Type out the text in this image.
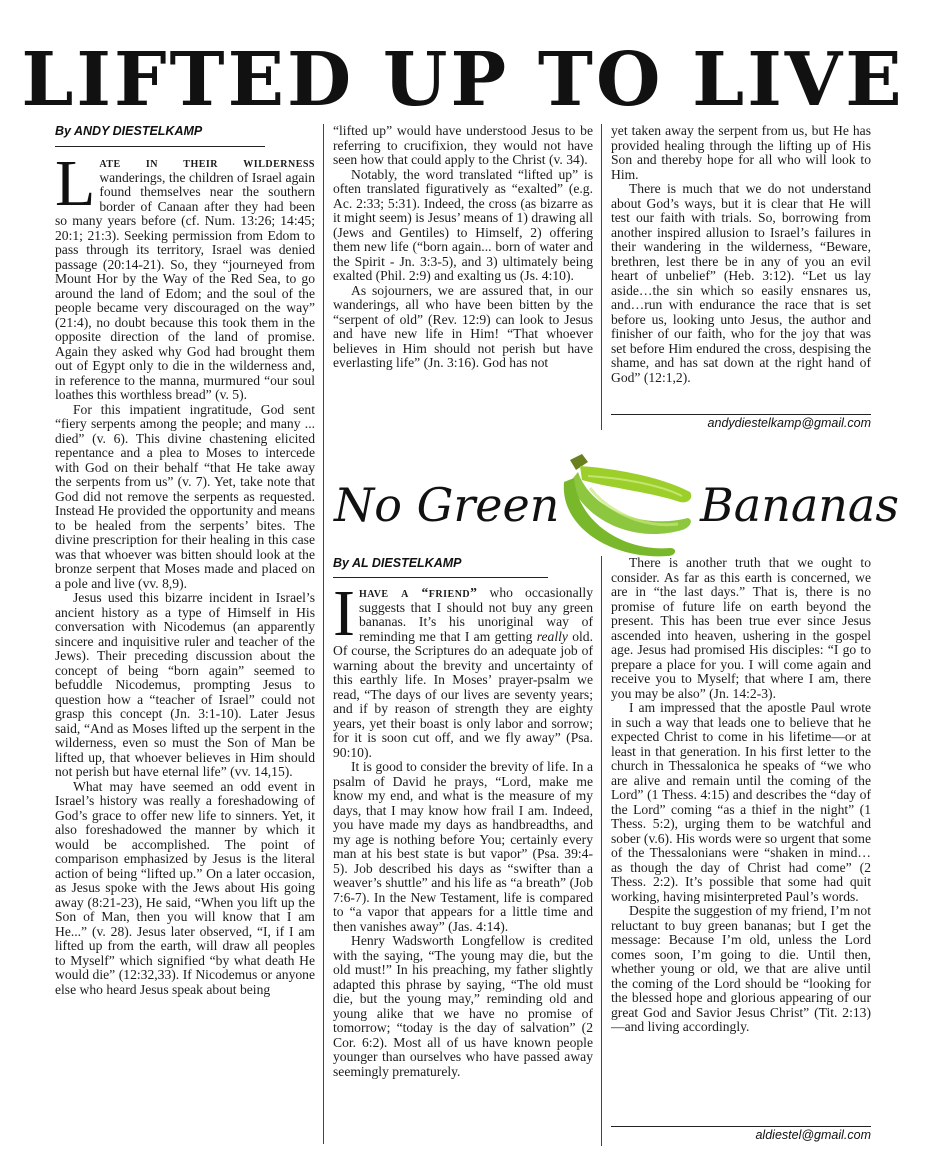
LIFTED UP TO LIVE
By ANDY DIESTELKAMP

Late in their wilderness wanderings, the children of Israel again found themselves near the southern border of Canaan after they had been so many years before (cf. Num. 13:26; 14:45; 20:1; 21:3). Seeking permission from Edom to pass through its territory, Israel was denied passage (20:14-21). So, they “journeyed from Mount Hor by the Way of the Red Sea, to go around the land of Edom; and the soul of the people became very discouraged on the way” (21:4), no doubt because this took them in the opposite direction of the land of promise. Again they asked why God had brought them out of Egypt only to die in the wilderness and, in reference to the manna, murmured “our soul loathes this worthless bread” (v. 5).

For this impatient ingratitude, God sent “fiery serpents among the people; and many ... died” (v. 6). This divine chastening elicited repentance and a plea to Moses to intercede with God on their behalf “that He take away the serpents from us” (v. 7). Yet, take note that God did not remove the serpents as requested. Instead He provided the opportunity and means to be healed from the serpents’ bites. The divine prescription for their healing in this case was that whoever was bitten should look at the bronze serpent that Moses made and placed on a pole and live (vv. 8,9).

Jesus used this bizarre incident in Israel’s ancient history as a type of Himself in His conversation with Nicodemus (an apparently sincere and inquisitive ruler and teacher of the Jews). Their preceding discussion about the concept of being “born again” seemed to befuddle Nicodemus, prompting Jesus to question how a “teacher of Israel” could not grasp this concept (Jn. 3:1-10). Later Jesus said, “And as Moses lifted up the serpent in the wilderness, even so must the Son of Man be lifted up, that whoever believes in Him should not perish but have eternal life” (vv. 14,15).

What may have seemed an odd event in Israel’s history was really a foreshadowing of God’s grace to offer new life to sinners. Yet, it also foreshadowed the manner by which it would be accomplished. The point of comparison emphasized by Jesus is the literal action of being “lifted up.” On a later occasion, as Jesus spoke with the Jews about His going away (8:21-23), He said, “When you lift up the Son of Man, then you will know that I am He...” (v. 28). Jesus later observed, “I, if I am lifted up from the earth, will draw all peoples to Myself” which signified “by what death He would die” (12:32,33). If Nicodemus or anyone else who heard Jesus speak about being

“lifted up” would have understood Jesus to be referring to crucifixion, they would not have seen how that could apply to the Christ (v. 34).

Notably, the word translated “lifted up” is often translated figuratively as “exalted” (e.g. Ac. 2:33; 5:31). Indeed, the cross (as bizarre as it might seem) is Jesus’ means of 1) drawing all (Jews and Gentiles) to Himself, 2) offering them new life (“born again... born of water and the Spirit - Jn. 3:3-5), and 3) ultimately being exalted (Phil. 2:9) and exalting us (Js. 4:10).

As sojourners, we are assured that, in our wanderings, all who have been bitten by the “serpent of old” (Rev. 12:9) can look to Jesus and have new life in Him! “That whoever believes in Him should not perish but have everlasting life” (Jn. 3:16). God has not

yet taken away the serpent from us, but He has provided healing through the lifting up of His Son and thereby hope for all who will look to Him.

There is much that we do not understand about God’s ways, but it is clear that He will test our faith with trials. So, borrowing from another inspired allusion to Israel’s failures in their wandering in the wilderness, “Beware, brethren, lest there be in any of you an evil heart of unbelief” (Heb. 3:12). “Let us lay aside…the sin which so easily ensnares us, and…run with endurance the race that is set before us, looking unto Jesus, the author and finisher of our faith, who for the joy that was set before Him endured the cross, despising the shame, and has sat down at the right hand of God” (12:1,2).

andydiestelkamp@gmail.com
No Green	Bananas
By AL DIESTELKAMP

Ihave a “friend” who occasionally suggests that I should not buy any green bananas. It’s his unoriginal way of reminding me that I am getting really old. Of course, the Scriptures do an adequate job of warning about the brevity and uncertainty of this earthly life. In Moses’ prayer-psalm we read, “The days of our lives are seventy years; and if by reason of strength they are eighty years, yet their boast is only labor and sorrow; for it is soon cut off, and we fly away” (Psa. 90:10).

It is good to consider the brevity of life. In a psalm of David he prays, “Lord, make me know my end, and what is the measure of my days, that I may know how frail I am. Indeed, you have made my days as handbreadths, and my age is nothing before You; certainly every man at his best state is but vapor” (Psa. 39:4-5). Job described his days as “swifter than a weaver’s shuttle” and his life as “a breath” (Job 7:6-7). In the New Testament, life is compared to “a vapor that appears for a little time and then vanishes away” (Jas. 4:14).

Henry Wadsworth Longfellow is credited with the saying, “The young may die, but the old must!” In his preaching, my father slightly adapted this phrase by saying, “The old must die, but the young may,” reminding old and young alike that we have no promise of tomorrow; “today is the day of salvation” (2 Cor. 6:2). Most all of us have known people younger than ourselves who have passed away seemingly prematurely.

There is another truth that we ought to consider. As far as this earth is concerned, we are in “the last days.” That is, there is no promise of future life on earth beyond the present. This has been true ever since Jesus ascended into heaven, ushering in the gospel age. Jesus had promised His disciples: “I go to prepare a place for you. I will come again and receive you to Myself; that where I am, there you may be also” (Jn. 14:2-3).

I am impressed that the apostle Paul wrote in such a way that leads one to believe that he expected Christ to come in his lifetime—or at least in that generation. In his first letter to the church in Thessalonica he speaks of “we who are alive and remain until the coming of the Lord” (1 Thess. 4:15) and describes the “day of the Lord” coming “as a thief in the night” (1 Thess. 5:2), urging them to be watchful and sober (v.6). His words were so urgent that some of the Thessalonians were “shaken in mind… as though the day of Christ had come” (2 Thess. 2:2). It’s possible that some had quit working, having misinterpreted Paul’s words.

Despite the suggestion of my friend, I’m not reluctant to buy green bananas; but I get the message: Because I’m old, unless the Lord comes soon, I’m going to die. Until then, whether young or old, we that are alive until the coming of the Lord should be “looking for the blessed hope and glorious appearing of our great God and Savior Jesus Christ” (Tit. 2:13)—and living accordingly.

aldiestel@gmail.com
